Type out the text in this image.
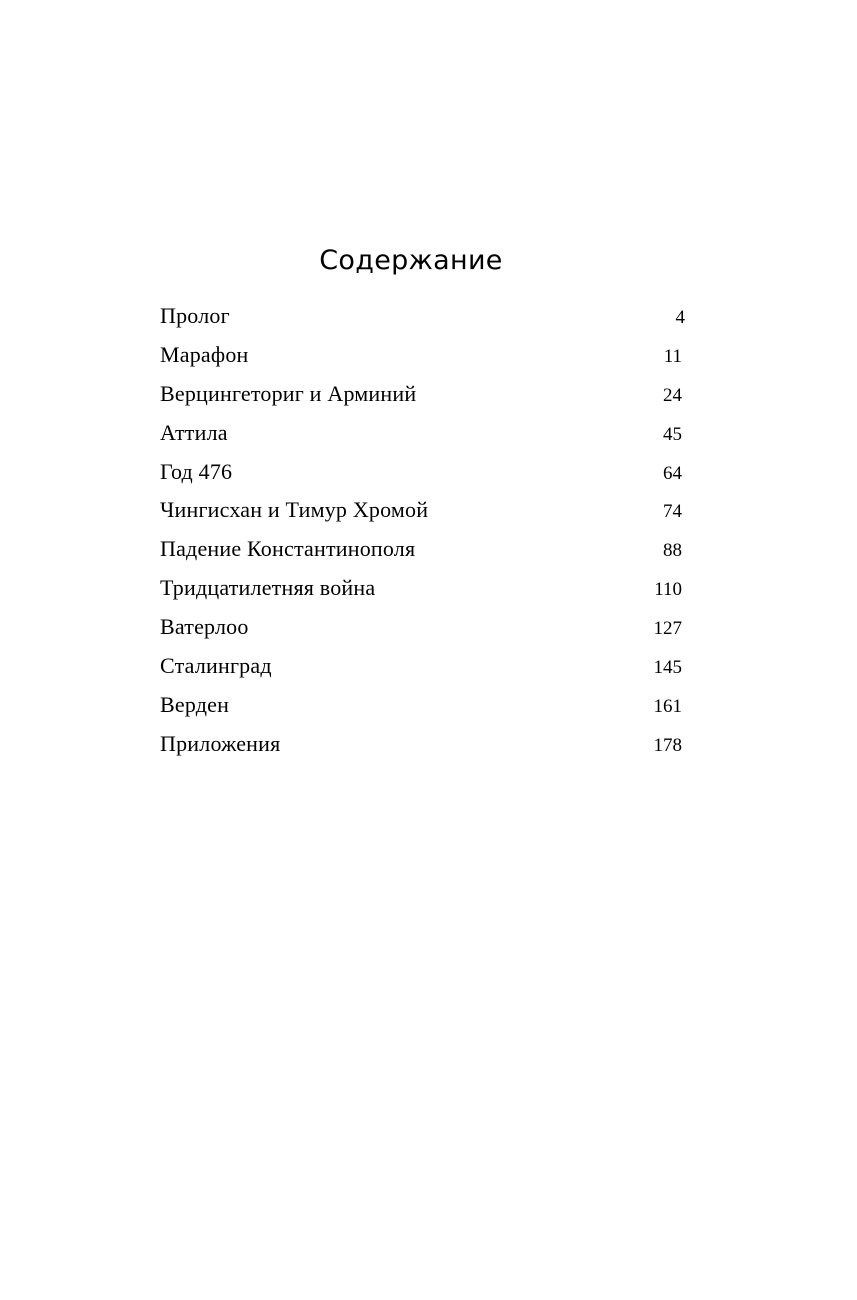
Содержание
Пролог	4
Марафон	11
Верцингеториг и Арминий	24
Аттила	45
Год 476	64
Чингисхан и Тимур Хромой	74
Падение Константинополя	88
Тридцатилетняя война	110
Ватерлоо	127
Сталинград	145
Верден	161
Приложения	178
